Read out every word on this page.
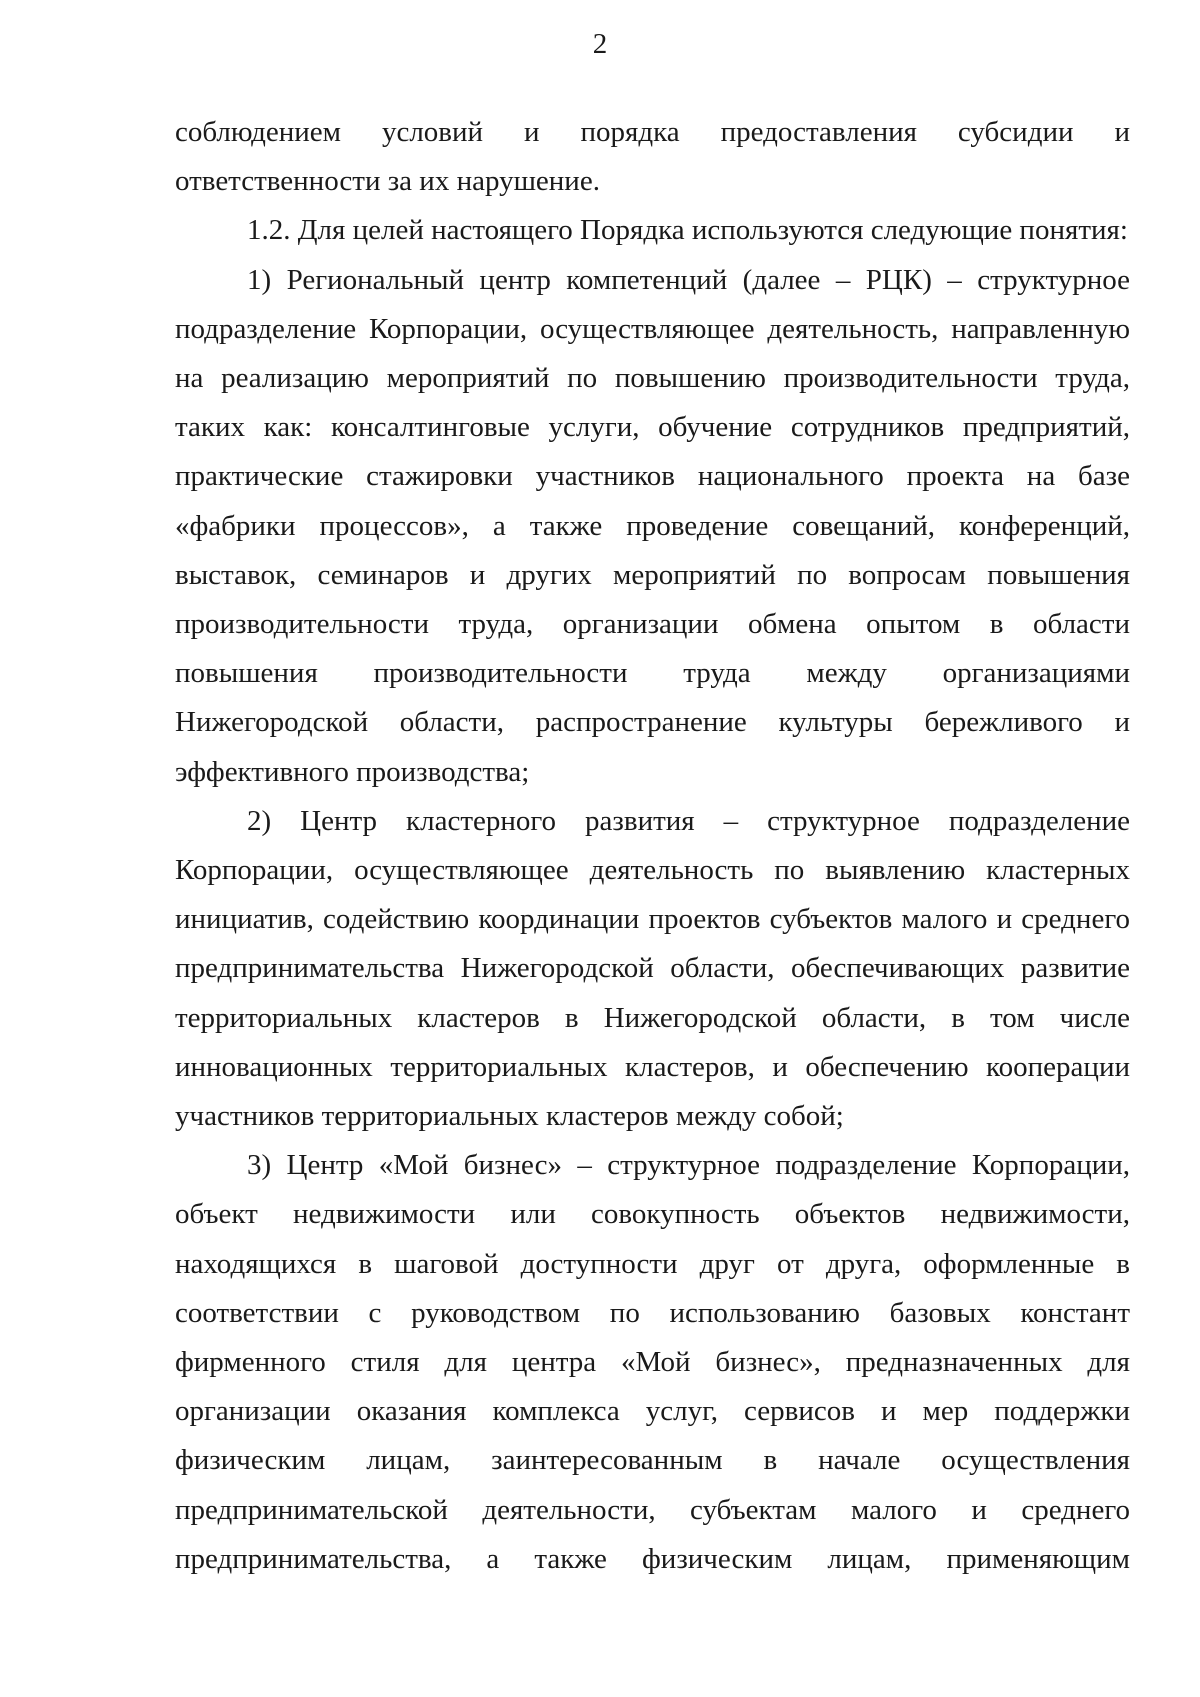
2

соблюдением условий и порядка предоставления субсидии и ответственности за их нарушение.

1.2. Для целей настоящего Порядка используются следующие понятия:

1) Региональный центр компетенций (далее – РЦК) – структурное подразделение Корпорации, осуществляющее деятельность, направленную на реализацию мероприятий по повышению производительности труда, таких как: консалтинговые услуги, обучение сотрудников предприятий, практические стажировки участников национального проекта на базе «фабрики процессов», а также проведение совещаний, конференций, выставок, семинаров и других мероприятий по вопросам повышения производительности труда, организации обмена опытом в области повышения производительности труда между организациями Нижегородской области, распространение культуры бережливого и эффективного производства;

2) Центр кластерного развития – структурное подразделение Корпорации, осуществляющее деятельность по выявлению кластерных инициатив, содействию координации проектов субъектов малого и среднего предпринимательства Нижегородской области, обеспечивающих развитие территориальных кластеров в Нижегородской области, в том числе инновационных территориальных кластеров, и обеспечению кооперации участников территориальных кластеров между собой;

3) Центр «Мой бизнес» – структурное подразделение Корпорации, объект недвижимости или совокупность объектов недвижимости, находящихся в шаговой доступности друг от друга, оформленные в соответствии с руководством по использованию базовых констант фирменного стиля для центра «Мой бизнес», предназначенных для организации оказания комплекса услуг, сервисов и мер поддержки физическим лицам, заинтересованным в начале осуществления предпринимательской деятельности, субъектам малого и среднего предпринимательства, а также физическим лицам, применяющим
